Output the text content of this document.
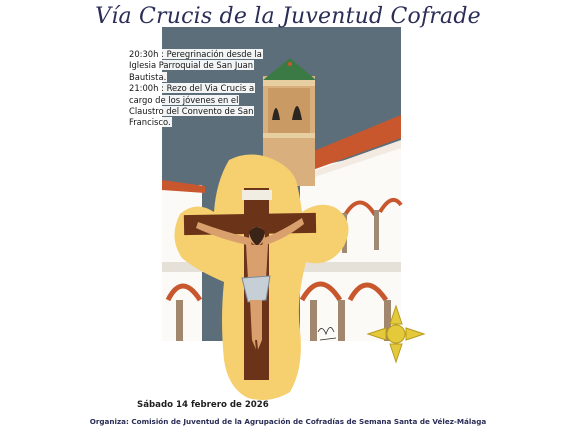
Vía Crucis de la Juventud Cofrade

20:30h : Peregrinación desde la Iglesia Parroquial de San Juan Bautista.

21:00h : Rezo del Via Crucis a cargo de los jóvenes en el Claustro del Convento de San Francisco.

Sábado 14 febrero de 2026
Organiza: Comisión de Juventud de la Agrupación de Cofradías de Semana Santa de Vélez-Málaga
